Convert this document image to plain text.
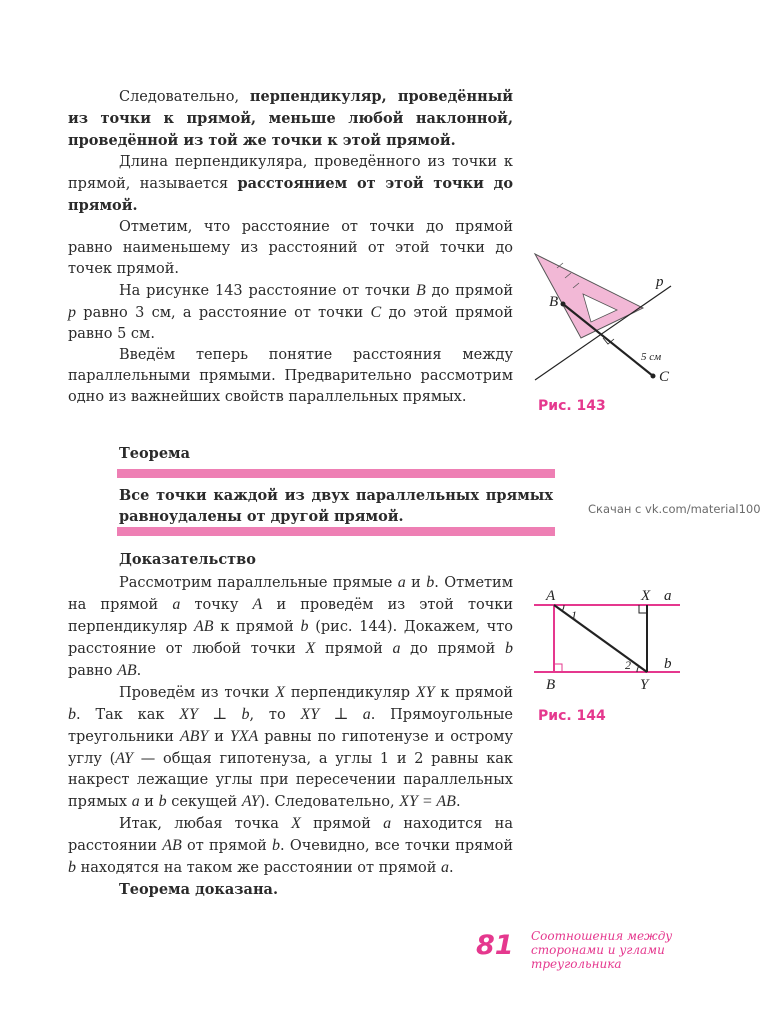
Следовательно, перпендикуляр, проведённый из точки к прямой, меньше любой наклонной, проведённой из той же точки к этой прямой.

Длина перпендикуляра, проведённого из точки к прямой, называется расстоянием от этой точки до прямой.

Отметим, что расстояние от точки до прямой равно наименьшему из расстояний от этой точки до точек прямой.

На рисунке 143 расстояние от точки B до прямой p равно 3 см, а расстояние от точки C до этой прямой равно 5 см.

Введём теперь понятие расстояния между параллельными прямыми. Предварительно рассмотрим одно из важнейших свойств параллельных прямых.

Теорема
Все точки каждой из двух параллельных прямых равноудалены от другой прямой.	Скачан с vk.com/material100
Доказательство

Рассмотрим параллельные прямые a и b. Отметим на прямой a точку A и проведём из этой точки перпендикуляр AB к прямой b (рис. 144). Докажем, что расстояние от любой точки X прямой a до прямой b равно AB.

Проведём из точки X перпендикуляр XY к прямой b. Так как XY ⊥ b, то XY ⊥ a. Прямоугольные треугольники ABY и YXA равны по гипотенузе и острому углу (AY — общая гипотенуза, а углы 1 и 2 равны как накрест лежащие углы при пересечении параллельных прямых a и b секущей AY). Следовательно, XY = AB.

Итак, любая точка X прямой a находится на расстоянии AB от прямой b. Очевидно, все точки прямой b находятся на таком же расстоянии от прямой a.

Теорема доказана.

B
p
C
5 см
Рис. 143
A	X a
b
B	Y
1
2
Рис. 144
81 Соотношения между сторонами и углами треугольника
